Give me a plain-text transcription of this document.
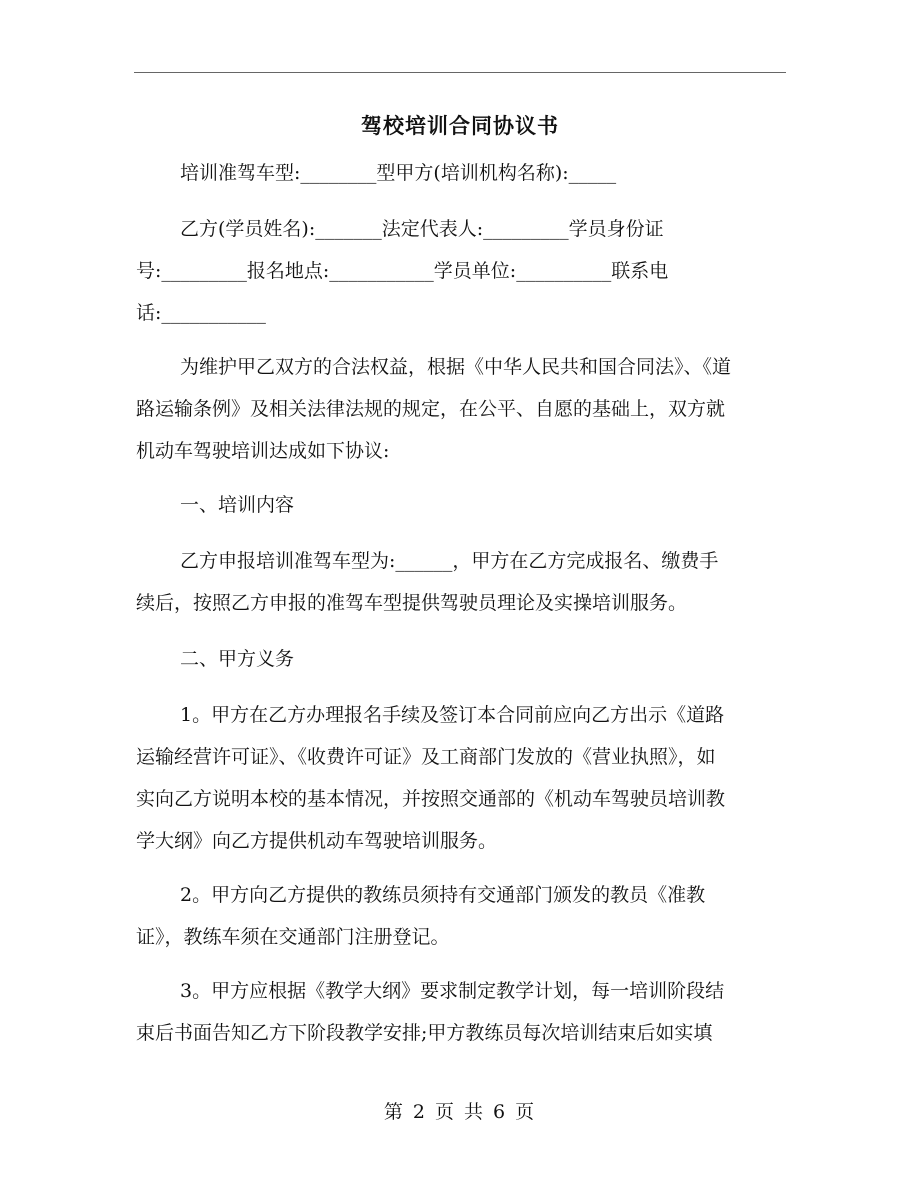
驾校培训合同协议书
培训准驾车型:________型甲方(培训机构名称):_____
乙方(学员姓名):_______法定代表人:_________学员身份证
号:_________报名地点:___________学员单位:__________联系电
话:___________
为维护甲乙双方的合法权益，根据《中华人民共和国合同法》、《道
路运输条例》及相关法律法规的规定，在公平、自愿的基础上，双方就
机动车驾驶培训达成如下协议:
一、培训内容
乙方申报培训准驾车型为:______，甲方在乙方完成报名、缴费手
续后，按照乙方申报的准驾车型提供驾驶员理论及实操培训服务。
二、甲方义务
1。甲方在乙方办理报名手续及签订本合同前应向乙方出示《道路
运输经营许可证》、《收费许可证》及工商部门发放的《营业执照》，如
实向乙方说明本校的基本情况，并按照交通部的《机动车驾驶员培训教
学大纲》向乙方提供机动车驾驶培训服务。
2。甲方向乙方提供的教练员须持有交通部门颁发的教员《准教
证》，教练车须在交通部门注册登记。
3。甲方应根据《教学大纲》要求制定教学计划，每一培训阶段结
束后书面告知乙方下阶段教学安排;甲方教练员每次培训结束后如实填
第 2 页 共 6 页
